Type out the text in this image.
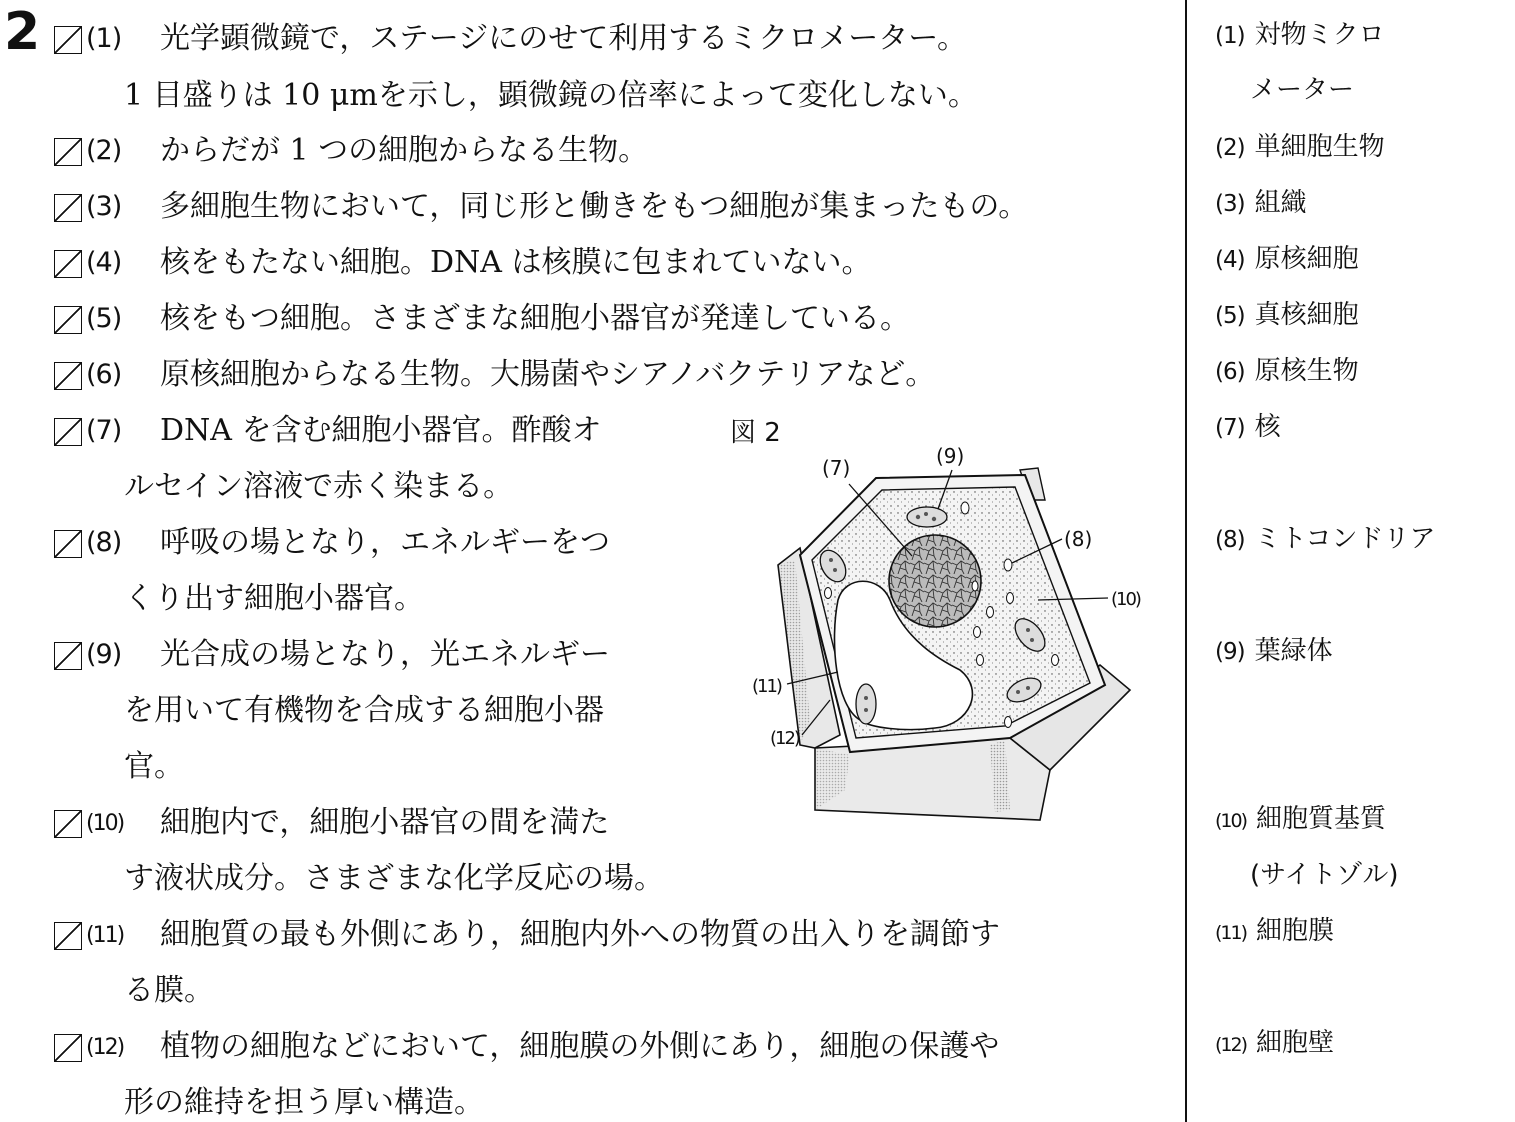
2 (1) 光学顕微鏡で，ステージにのせて利用するミクロメーター。
1 目盛りは 10 μmを示し，顕微鏡の倍率によって変化しない。
(2) からだが 1 つの細胞からなる生物。
(3) 多細胞生物において，同じ形と働きをもつ細胞が集まったもの。
(4) 核をもたない細胞。DNA は核膜に包まれていない。
(5) 核をもつ細胞。さまざまな細胞小器官が発達している。
(6) 原核細胞からなる生物。大腸菌やシアノバクテリアなど。
(7) DNA を含む細胞小器官。酢酸オ
ルセイン溶液で赤く染まる。
(8) 呼吸の場となり，エネルギーをつ
くり出す細胞小器官。
(9) 光合成の場となり，光エネルギー
を用いて有機物を合成する細胞小器
官。
(10) 細胞内で，細胞小器官の間を満た
す液状成分。さまざまな化学反応の場。
(11) 細胞質の最も外側にあり，細胞内外への物質の出入りを調節す
る膜。
(12) 植物の細胞などにおいて，細胞膜の外側にあり，細胞の保護や
形の維持を担う厚い構造。
図 2
(7)	(9)
(8)
(10)
(11)
(12)
(1) 対物ミクロ
メーター
(2) 単細胞生物
(3) 組織
(4) 原核細胞
(5) 真核細胞
(6) 原核生物
(7) 核
(8) ミトコンドリア
(9) 葉緑体
(10) 細胞質基質
(サイトゾル)
(11) 細胞膜
(12) 細胞壁
